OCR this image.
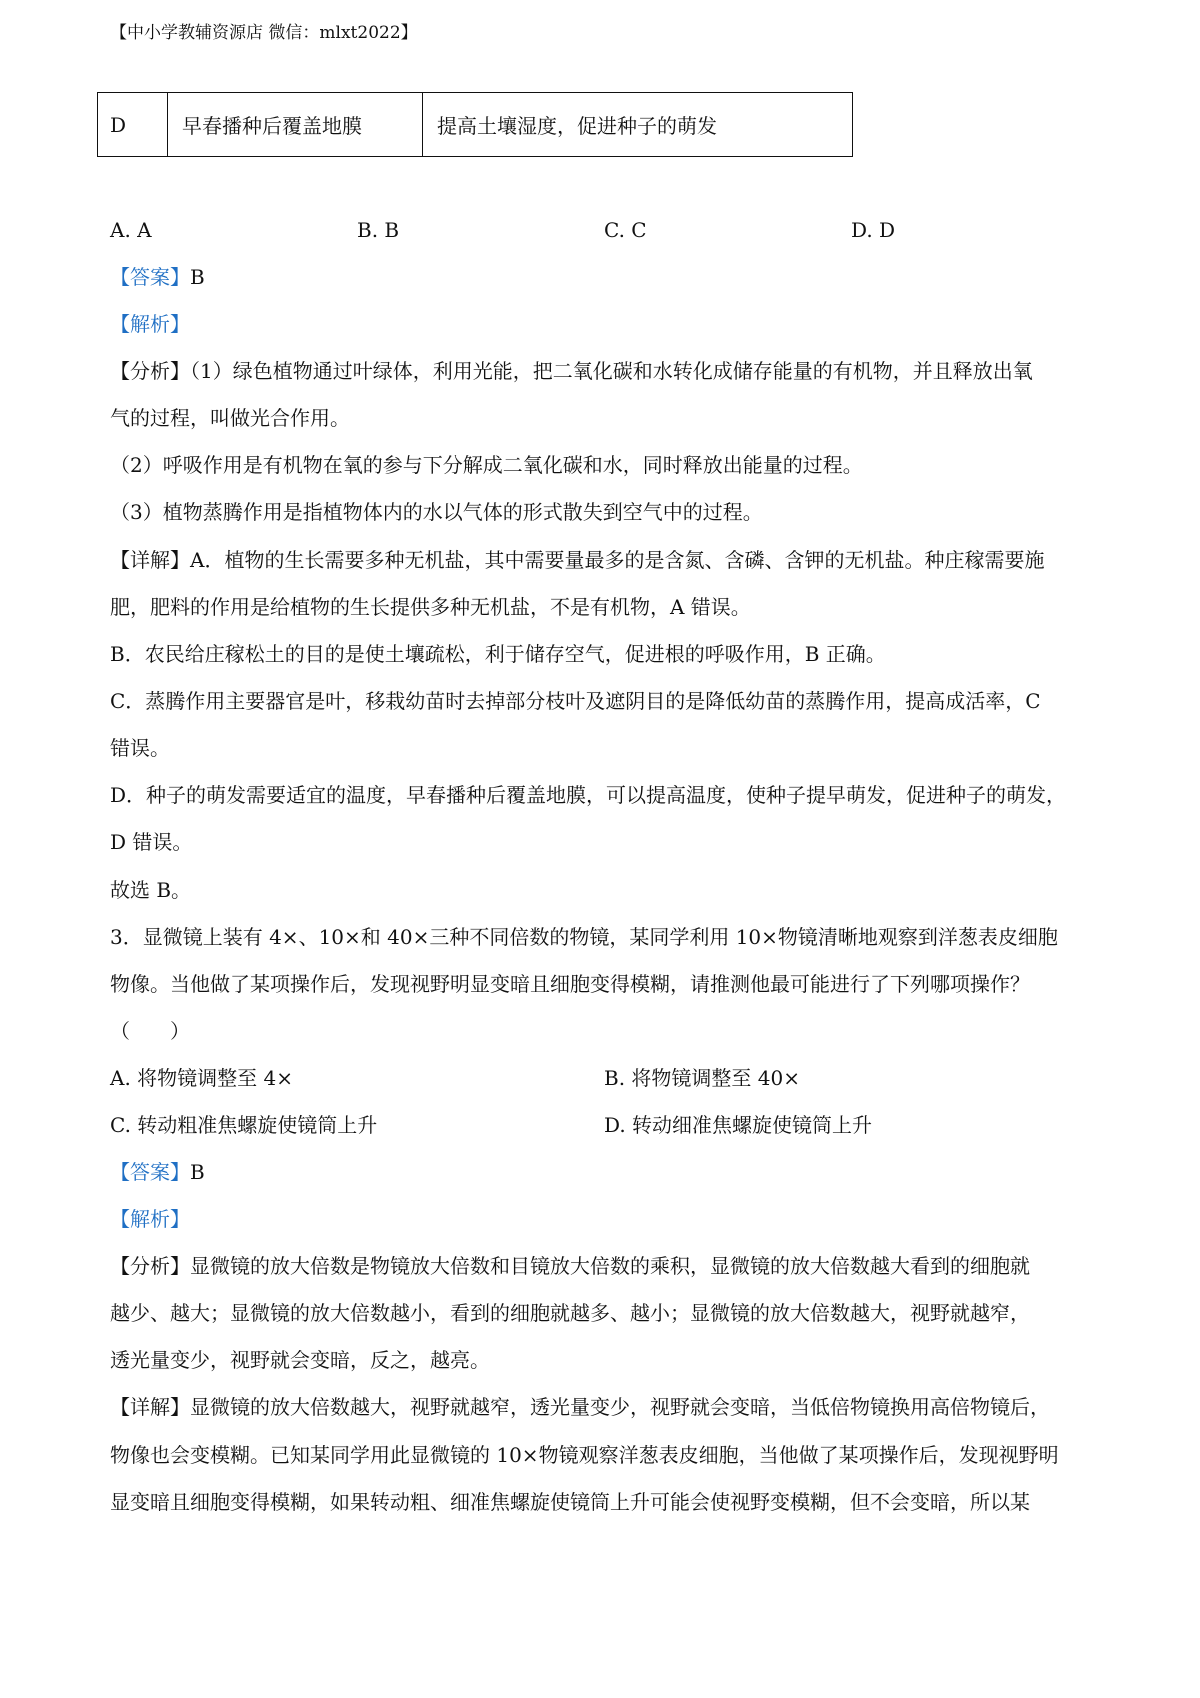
【中小学教辅资源店 微信：mlxt2022】
D	早春播种后覆盖地膜	提高土壤湿度，促进种子的萌发
A. A	B. B	C. C	D. D
【答案】B
【解析】
【分析】（1）绿色植物通过叶绿体，利用光能，把二氧化碳和水转化成储存能量的有机物，并且释放出氧
气的过程，叫做光合作用。
（2）呼吸作用是有机物在氧的参与下分解成二氧化碳和水，同时释放出能量的过程。
（3）植物蒸腾作用是指植物体内的水以气体的形式散失到空气中的过程。
【详解】A．植物的生长需要多种无机盐，其中需要量最多的是含氮、含磷、含钾的无机盐。种庄稼需要施
肥，肥料的作用是给植物的生长提供多种无机盐，不是有机物，A 错误。
B．农民给庄稼松土的目的是使土壤疏松，利于储存空气，促进根的呼吸作用，B 正确。
C．蒸腾作用主要器官是叶，移栽幼苗时去掉部分枝叶及遮阴目的是降低幼苗的蒸腾作用，提高成活率，C
错误。
D．种子的萌发需要适宜的温度，早春播种后覆盖地膜，可以提高温度，使种子提早萌发，促进种子的萌发，
D 错误。
故选 B。
3．显微镜上装有 4×、10×和 40×三种不同倍数的物镜，某同学利用 10×物镜清晰地观察到洋葱表皮细胞
物像。当他做了某项操作后，发现视野明显变暗且细胞变得模糊，请推测他最可能进行了下列哪项操作？
（　　）
A. 将物镜调整至 4×	B. 将物镜调整至 40×
C. 转动粗准焦螺旋使镜筒上升	D. 转动细准焦螺旋使镜筒上升
【答案】B
【解析】
【分析】显微镜的放大倍数是物镜放大倍数和目镜放大倍数的乘积，显微镜的放大倍数越大看到的细胞就
越少、越大；显微镜的放大倍数越小，看到的细胞就越多、越小；显微镜的放大倍数越大，视野就越窄，
透光量变少，视野就会变暗，反之，越亮。
【详解】显微镜的放大倍数越大，视野就越窄，透光量变少，视野就会变暗，当低倍物镜换用高倍物镜后，
物像也会变模糊。已知某同学用此显微镜的 10×物镜观察洋葱表皮细胞，当他做了某项操作后，发现视野明
显变暗且细胞变得模糊，如果转动粗、细准焦螺旋使镜筒上升可能会使视野变模糊，但不会变暗，所以某
